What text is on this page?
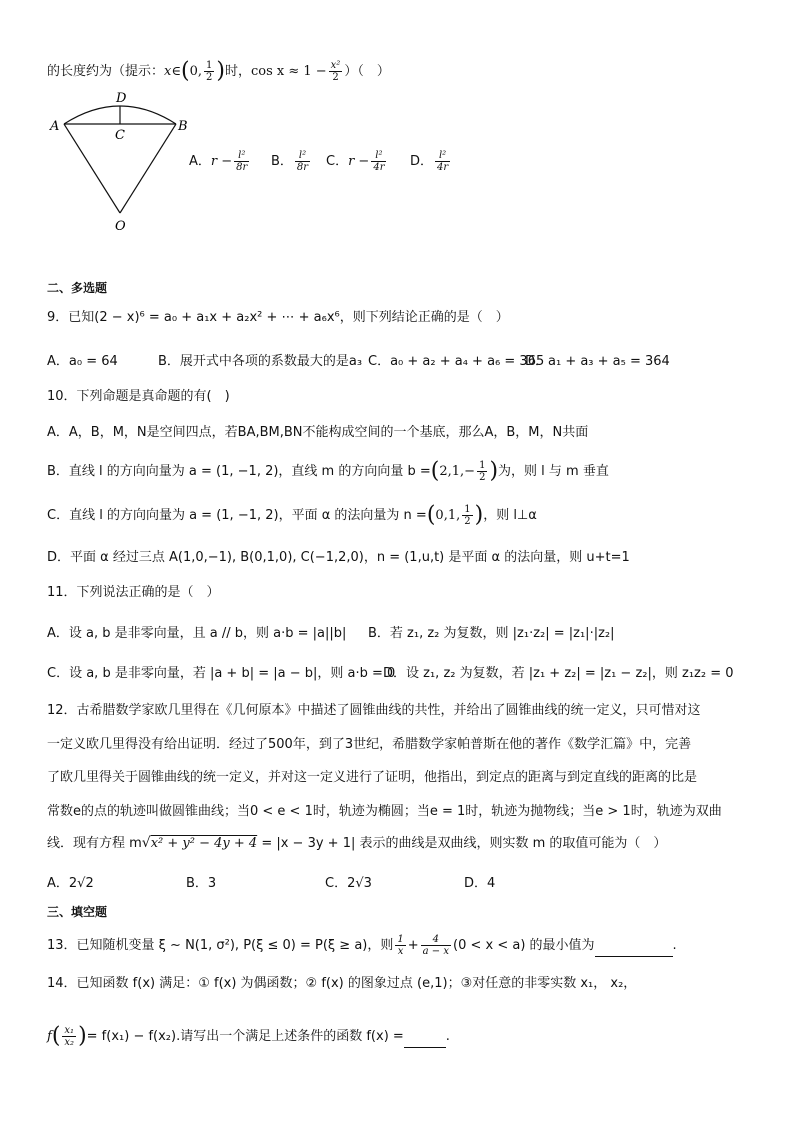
的长度约为（提示：x∈(0, $\frac{1}{2}$ )时，$\cos x \approx 1 - \frac{\text{x²}}{2}$ ）（　）
D
A	B
C
O
A．$r - \frac{\text{l²}}{8r}$ B． $\frac{\text{l²}}{8r}$ C．$r - \frac{\text{l²}}{4r}$ D． $\frac{\text{l²}}{4r}$
二、多选题
9．已知(2 − x)⁶ = a₀ + a₁x + a₂x² + ⋯ + a₆x⁶，则下列结论正确的是（　）
A．a₀ = 64	B．展开式中各项的系数最大的是a₃ C．a₀ + a₂ + a₄ + a₆ = 365
D．a₁ + a₃ + a₅ = 364
10．下列命题是真命题的有(　)
A．A，B，M，N是空间四点，若BA,BM,BN不能构成空间的一个基底，那么A，B，M，N共面
B．直线 l 的方向向量为 a = (1, −1, 2)，直线 m 的方向向量 $b =(2,1,- \frac{1}{2}$ )为，则 l 与 m 垂直
C．直线 l 的方向向量为 a = (1, −1, 2)，平面 α 的法向量为 n =(0,1, $\frac{1}{2}$ )，则 l⊥α
D．平面 α 经过三点 A(1,0,−1), B(0,1,0), C(−1,2,0)，n = (1,u,t) 是平面 α 的法向量，则 u+t=1
11．下列说法正确的是（　）
A．设 a, b 是非零向量，且 a // b，则 a·b = |a||b| B．若 z₁, z₂ 为复数，则 |z₁·z₂| = |z₁|·|z₂|
C．设 a, b 是非零向量，若 |a + b| = |a − b|，则 a·b = 0
D．设 z₁, z₂ 为复数，若 |z₁ + z₂| = |z₁ − z₂|，则 z₁z₂ = 0
12．古希腊数学家欧几里得在《几何原本》中描述了圆锥曲线的共性，并给出了圆锥曲线的统一定义，只可惜对这
一定义欧几里得没有给出证明．经过了500年，到了3世纪，希腊数学家帕普斯在他的著作《数学汇篇》中，完善
了欧几里得关于圆锥曲线的统一定义，并对这一定义进行了证明，他指出，到定点的距离与到定直线的距离的比是
常数e的点的轨迹叫做圆锥曲线；当0 < e < 1时，轨迹为椭圆；当e = 1时，轨迹为抛物线；当e > 1时，轨迹为双曲
线．现有方程 m√x² + y² − 4y + 4 = |x − 3y + 1| 表示的曲线是双曲线，则实数 m 的取值可能为（　）
A．2√2	B．3	C．2√3	D．4
三、填空题
13．已知随机变量 ξ ~ N(1, σ²), P(ξ ≤ 0) = P(ξ ≥ a)，则 $\frac{1}{x} + \frac{4}{a - x} (0 < x < a)$ 的最小值为	.
14．已知函数 f(x) 满足：① f(x) 为偶函数；② f(x) 的图象过点 (e,1)；③对任意的非零实数 x₁， x₂，
$f( \frac{\text{x₁}}{\text{x₂}}$ )= f(x₁) − f(x₂).请写出一个满足上述条件的函数 f(x) =	.
